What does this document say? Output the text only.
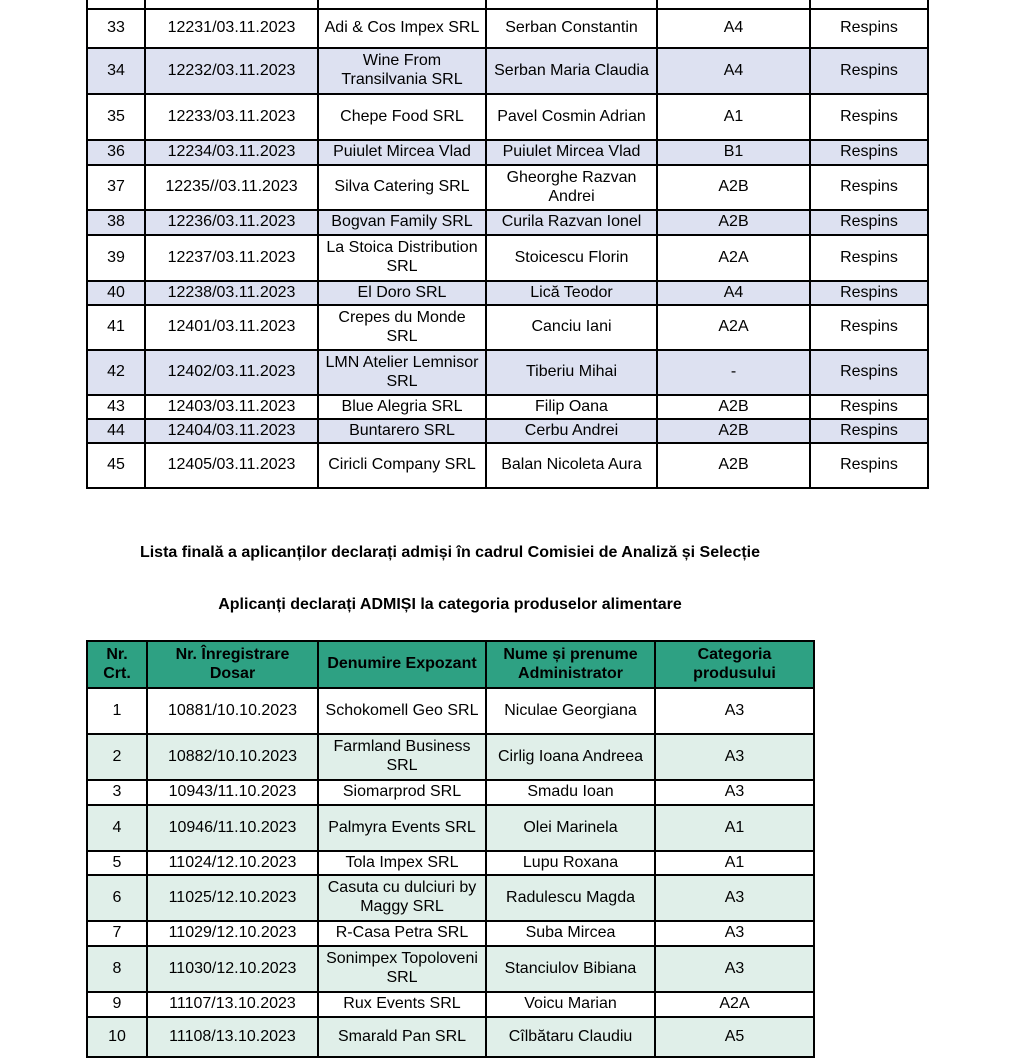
33	12231/03.11.2023	Adi & Cos Impex SRL	Serban Constantin	A4	Respins
34	12232/03.11.2023	Wine From Transilvania SRL	Serban Maria Claudia	A4	Respins
35	12233/03.11.2023	Chepe Food SRL	Pavel Cosmin Adrian	A1	Respins
36	12234/03.11.2023	Puiulet Mircea Vlad	Puiulet Mircea Vlad	B1	Respins
37	12235//03.11.2023	Silva Catering SRL	Gheorghe Razvan Andrei	A2B	Respins
38	12236/03.11.2023	Bogvan Family SRL	Curila Razvan Ionel	A2B	Respins
39	12237/03.11.2023	La Stoica Distribution SRL	Stoicescu Florin	A2A	Respins
40	12238/03.11.2023	El Doro SRL	Lică Teodor	A4	Respins
41	12401/03.11.2023	Crepes du Monde SRL	Canciu Iani	A2A	Respins
42	12402/03.11.2023	LMN Atelier Lemnisor SRL	Tiberiu Mihai	-	Respins
43	12403/03.11.2023	Blue Alegria SRL	Filip Oana	A2B	Respins
44	12404/03.11.2023	Buntarero SRL	Cerbu Andrei	A2B	Respins
45	12405/03.11.2023	Ciricli Company SRL	Balan Nicoleta Aura	A2B	Respins
Lista finală a aplicanților declarați admiși în cadrul Comisiei de Analiză și Selecție
Aplicanți declarați ADMIȘI la categoria produselor alimentare
Nr. Crt.	Nr. Înregistrare Dosar	Denumire Expozant	Nume și prenume Administrator	Categoria produsului
1	10881/10.10.2023	Schokomell Geo SRL	Niculae Georgiana	A3
2	10882/10.10.2023	Farmland Business SRL	Cirlig Ioana Andreea	A3
3	10943/11.10.2023	Siomarprod SRL	Smadu Ioan	A3
4	10946/11.10.2023	Palmyra Events SRL	Olei Marinela	A1
5	11024/12.10.2023	Tola Impex SRL	Lupu Roxana	A1
6	11025/12.10.2023	Casuta cu dulciuri by Maggy SRL	Radulescu Magda	A3
7	11029/12.10.2023	R-Casa Petra SRL	Suba Mircea	A3
8	11030/12.10.2023	Sonimpex Topoloveni SRL	Stanciulov Bibiana	A3
9	11107/13.10.2023	Rux Events SRL	Voicu Marian	A2A
10	11108/13.10.2023	Smarald Pan SRL	Cîlbătaru Claudiu	A5
